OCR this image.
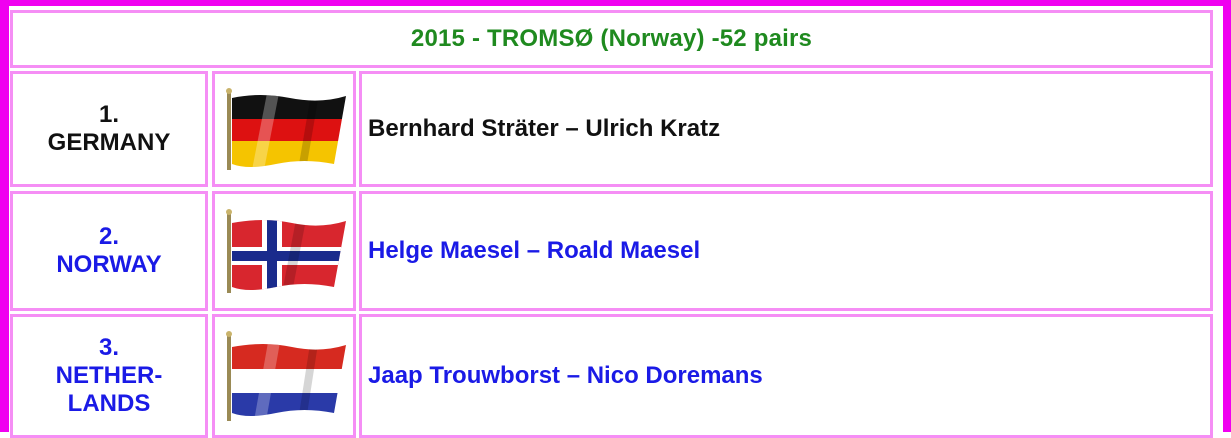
2015 - TROMSØ (Norway) -52 pairs
1.
GERMANY
Bernhard Sträter – Ulrich Kratz
2.
NORWAY
Helge Maesel – Roald Maesel
3.
NETHER-
LANDS
Jaap Trouwborst – Nico Doremans
